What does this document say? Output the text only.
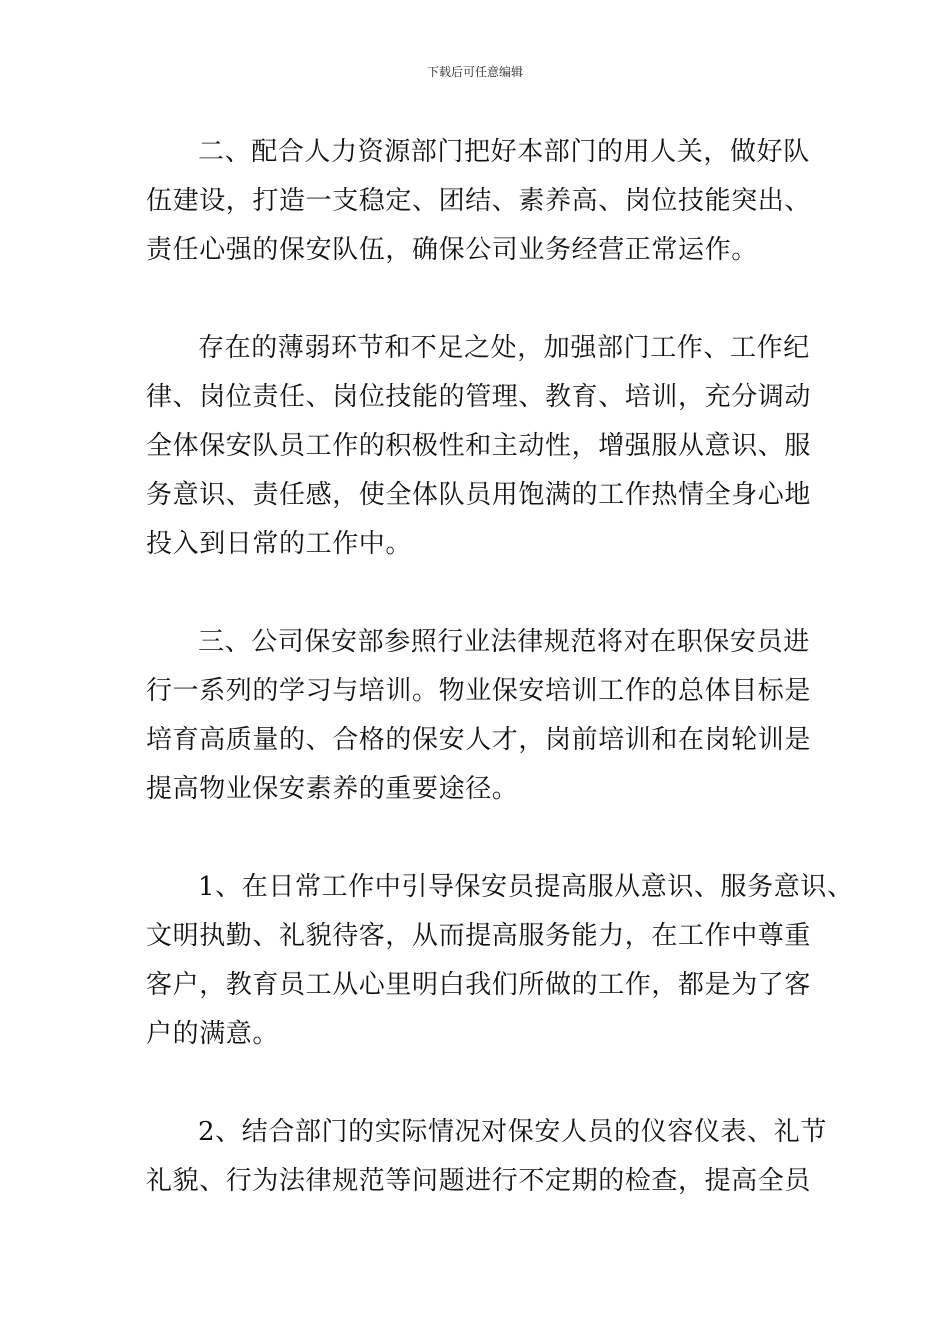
下载后可任意编辑

二、配合人力资源部门把好本部门的用人关，做好队
伍建设，打造一支稳定、团结、素养高、岗位技能突出、
责任心强的保安队伍，确保公司业务经营正常运作。

存在的薄弱环节和不足之处，加强部门工作、工作纪
律、岗位责任、岗位技能的管理、教育、培训，充分调动
全体保安队员工作的积极性和主动性，增强服从意识、服
务意识、责任感，使全体队员用饱满的工作热情全身心地
投入到日常的工作中。

三、公司保安部参照行业法律规范将对在职保安员进
行一系列的学习与培训。物业保安培训工作的总体目标是
培育高质量的、合格的保安人才，岗前培训和在岗轮训是
提高物业保安素养的重要途径。

1、在日常工作中引导保安员提高服从意识、服务意识、
文明执勤、礼貌待客，从而提高服务能力，在工作中尊重
客户，教育员工从心里明白我们所做的工作，都是为了客
户的满意。

2、结合部门的实际情况对保安人员的仪容仪表、礼节
礼貌、行为法律规范等问题进行不定期的检查，提高全员
